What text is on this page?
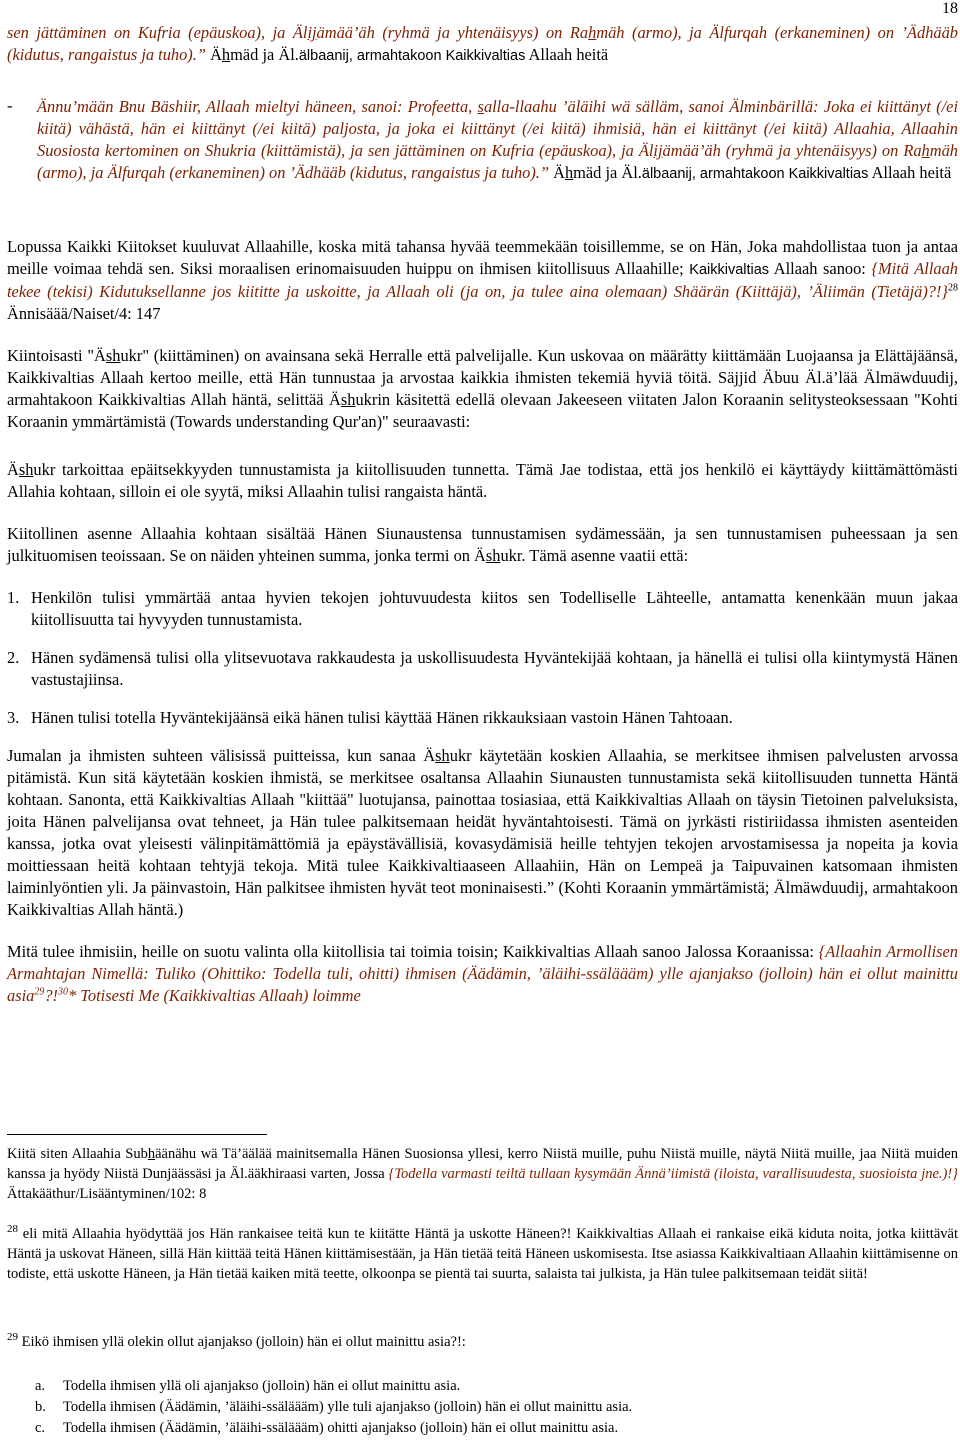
18

sen jättäminen on Kufria (epäuskoa), ja Älijämää’äh (ryhmä ja yhtenäisyys) on Rahmäh (armo), ja Älfurqah (erkaneminen) on ’Ädhääb (kidutus, rangaistus ja tuho).” Ähmäd ja Äl.älbaanij, armahtakoon Kaikkivaltias Allaah heitä

- Ännu’mään Bnu Bäshiir, Allaah mieltyi häneen, sanoi: Profeetta, salla-llaahu ’äläihi wä sälläm, sanoi Älminbärillä: Joka ei kiittänyt (/ei kiitä) vähästä, hän ei kiittänyt (/ei kiitä) paljosta, ja joka ei kiittänyt (/ei kiitä) ihmisiä, hän ei kiittänyt (/ei kiitä) Allaahia, Allaahin Suosiosta kertominen on Shukria (kiittämistä), ja sen jättäminen on Kufria (epäuskoa), ja Älijämää’äh (ryhmä ja yhtenäisyys) on Rahmäh (armo), ja Älfurqah (erkaneminen) on ’Ädhääb (kidutus, rangaistus ja tuho).” Ähmäd ja Äl.älbaanij, armahtakoon Kaikkivaltias Allaah heitä

Lopussa Kaikki Kiitokset kuuluvat Allaahille, koska mitä tahansa hyvää teemmekään toisillemme, se on Hän, Joka mahdollistaa tuon ja antaa meille voimaa tehdä sen. Siksi moraalisen erinomaisuuden huippu on ihmisen kiitollisuus Allaahille; Kaikkivaltias Allaah sanoo: {Mitä Allaah tekee (tekisi) Kidutuksellanne jos kiititte ja uskoitte, ja Allaah oli (ja on, ja tulee aina olemaan) Shäärän (Kiittäjä), ’Äliimän (Tietäjä)?!}$^{28}$ Ännisäää/Naiset/4: 147

Kiintoisasti "Äshukr" (kiittäminen) on avainsana sekä Herralle että palvelijalle. Kun uskovaa on määrätty kiittämään Luojaansa ja Elättäjäänsä, Kaikkivaltias Allaah kertoo meille, että Hän tunnustaa ja arvostaa kaikkia ihmisten tekemiä hyviä töitä. Säjjid Äbuu Äl.ä’lää Älmäwduudij, armahtakoon Kaikkivaltias Allah häntä, selittää Äshukrin käsitettä edellä olevaan Jakeeseen viitaten Jalon Koraanin selitysteoksessaan "Kohti Koraanin ymmärtämistä (Towards understanding Qur'an)" seuraavasti:

Äshukr tarkoittaa epäitsekkyyden tunnustamista ja kiitollisuuden tunnetta. Tämä Jae todistaa, että jos henkilö ei käyttäydy kiittämättömästi Allahia kohtaan, silloin ei ole syytä, miksi Allaahin tulisi rangaista häntä.

Kiitollinen asenne Allaahia kohtaan sisältää Hänen Siunaustensa tunnustamisen sydämessään, ja sen tunnustamisen puheessaan ja sen julkituomisen teoissaan. Se on näiden yhteinen summa, jonka termi on Äshukr. Tämä asenne vaatii että:

1. Henkilön tulisi ymmärtää antaa hyvien tekojen johtuvuudesta kiitos sen Todelliselle Lähteelle, antamatta kenenkään muun jakaa kiitollisuutta tai hyvyyden tunnustamista.
2. Hänen sydämensä tulisi olla ylitsevuotava rakkaudesta ja uskollisuudesta Hyväntekijää kohtaan, ja hänellä ei tulisi olla kiintymystä Hänen vastustajiinsa.
3. Hänen tulisi totella Hyväntekijäänsä eikä hänen tulisi käyttää Hänen rikkauksiaan vastoin Hänen Tahtoaan.

Jumalan ja ihmisten suhteen välisissä puitteissa, kun sanaa Äshukr käytetään koskien Allaahia, se merkitsee ihmisen palvelusten arvossa pitämistä. Kun sitä käytetään koskien ihmistä, se merkitsee osaltansa Allaahin Siunausten tunnustamista sekä kiitollisuuden tunnetta Häntä kohtaan. Sanonta, että Kaikkivaltias Allaah "kiittää" luotujansa, painottaa tosiasiaa, että Kaikkivaltias Allaah on täysin Tietoinen palveluksista, joita Hänen palvelijansa ovat tehneet, ja Hän tulee palkitsemaan heidät hyväntahtoisesti. Tämä on jyrkästi ristiriidassa ihmisten asenteiden kanssa, jotka ovat yleisesti välinpitämättömiä ja epäystävällisiä, kovasydämisiä heille tehtyjen tekojen arvostamisessa ja nopeita ja kovia moittiessaan heitä kohtaan tehtyjä tekoja. Mitä tulee Kaikkivaltiaaseen Allaahiin, Hän on Lempeä ja Taipuvainen katsomaan ihmisten laiminlyöntien yli. Ja päinvastoin, Hän palkitsee ihmisten hyvät teot moninaisesti.” (Kohti Koraanin ymmärtämistä; Älmäwduudij, armahtakoon Kaikkivaltias Allah häntä.)

Mitä tulee ihmisiin, heille on suotu valinta olla kiitollisia tai toimia toisin; Kaikkivaltias Allaah sanoo Jalossa Koraanissa: {Allaahin Armollisen Armahtajan Nimellä: Tuliko (Ohittiko: Todella tuli, ohitti) ihmisen (Äädämin, ’äläihi-ssäläääm) ylle ajanjakso (jolloin) hän ei ollut mainittu asia$^{29}$?!$^{30}$* Totisesti Me (Kaikkivaltias Allaah) loimme

Kiitä siten Allaahia Subhäänähu wä Tä’äälää mainitsemalla Hänen Suosionsa yllesi, kerro Niistä muille, puhu Niistä muille, näytä Niitä muille, jaa Niitä muiden kanssa ja hyödy Niistä Dunjäässäsi ja Äl.ääkhiraasi varten, Jossa {Todella varmasti teiltä tullaan kysymään Ännä’iimistä (iloista, varallisuudesta, suosioista jne.)!} Ättakääthur/Lisääntyminen/102: 8

$^{28}$ eli mitä Allaahia hyödyttää jos Hän rankaisee teitä kun te kiitätte Häntä ja uskotte Häneen?! Kaikkivaltias Allaah ei rankaise eikä kiduta noita, jotka kiittävät Häntä ja uskovat Häneen, sillä Hän kiittää teitä Hänen kiittämisestään, ja Hän tietää teitä Häneen uskomisesta. Itse asiassa Kaikkivaltiaan Allaahin kiittämisenne on todiste, että uskotte Häneen, ja Hän tietää kaiken mitä teette, olkoonpa se pientä tai suurta, salaista tai julkista, ja Hän tulee palkitsemaan teidät siitä!

$^{29}$ Eikö ihmisen yllä olekin ollut ajanjakso (jolloin) hän ei ollut mainittu asia?!:

a. Todella ihmisen yllä oli ajanjakso (jolloin) hän ei ollut mainittu asia.
b. Todella ihmisen (Äädämin, ’äläihi-ssäläääm) ylle tuli ajanjakso (jolloin) hän ei ollut mainittu asia.
c. Todella ihmisen (Äädämin, ’äläihi-ssäläääm) ohitti ajanjakso (jolloin) hän ei ollut mainittu asia.
